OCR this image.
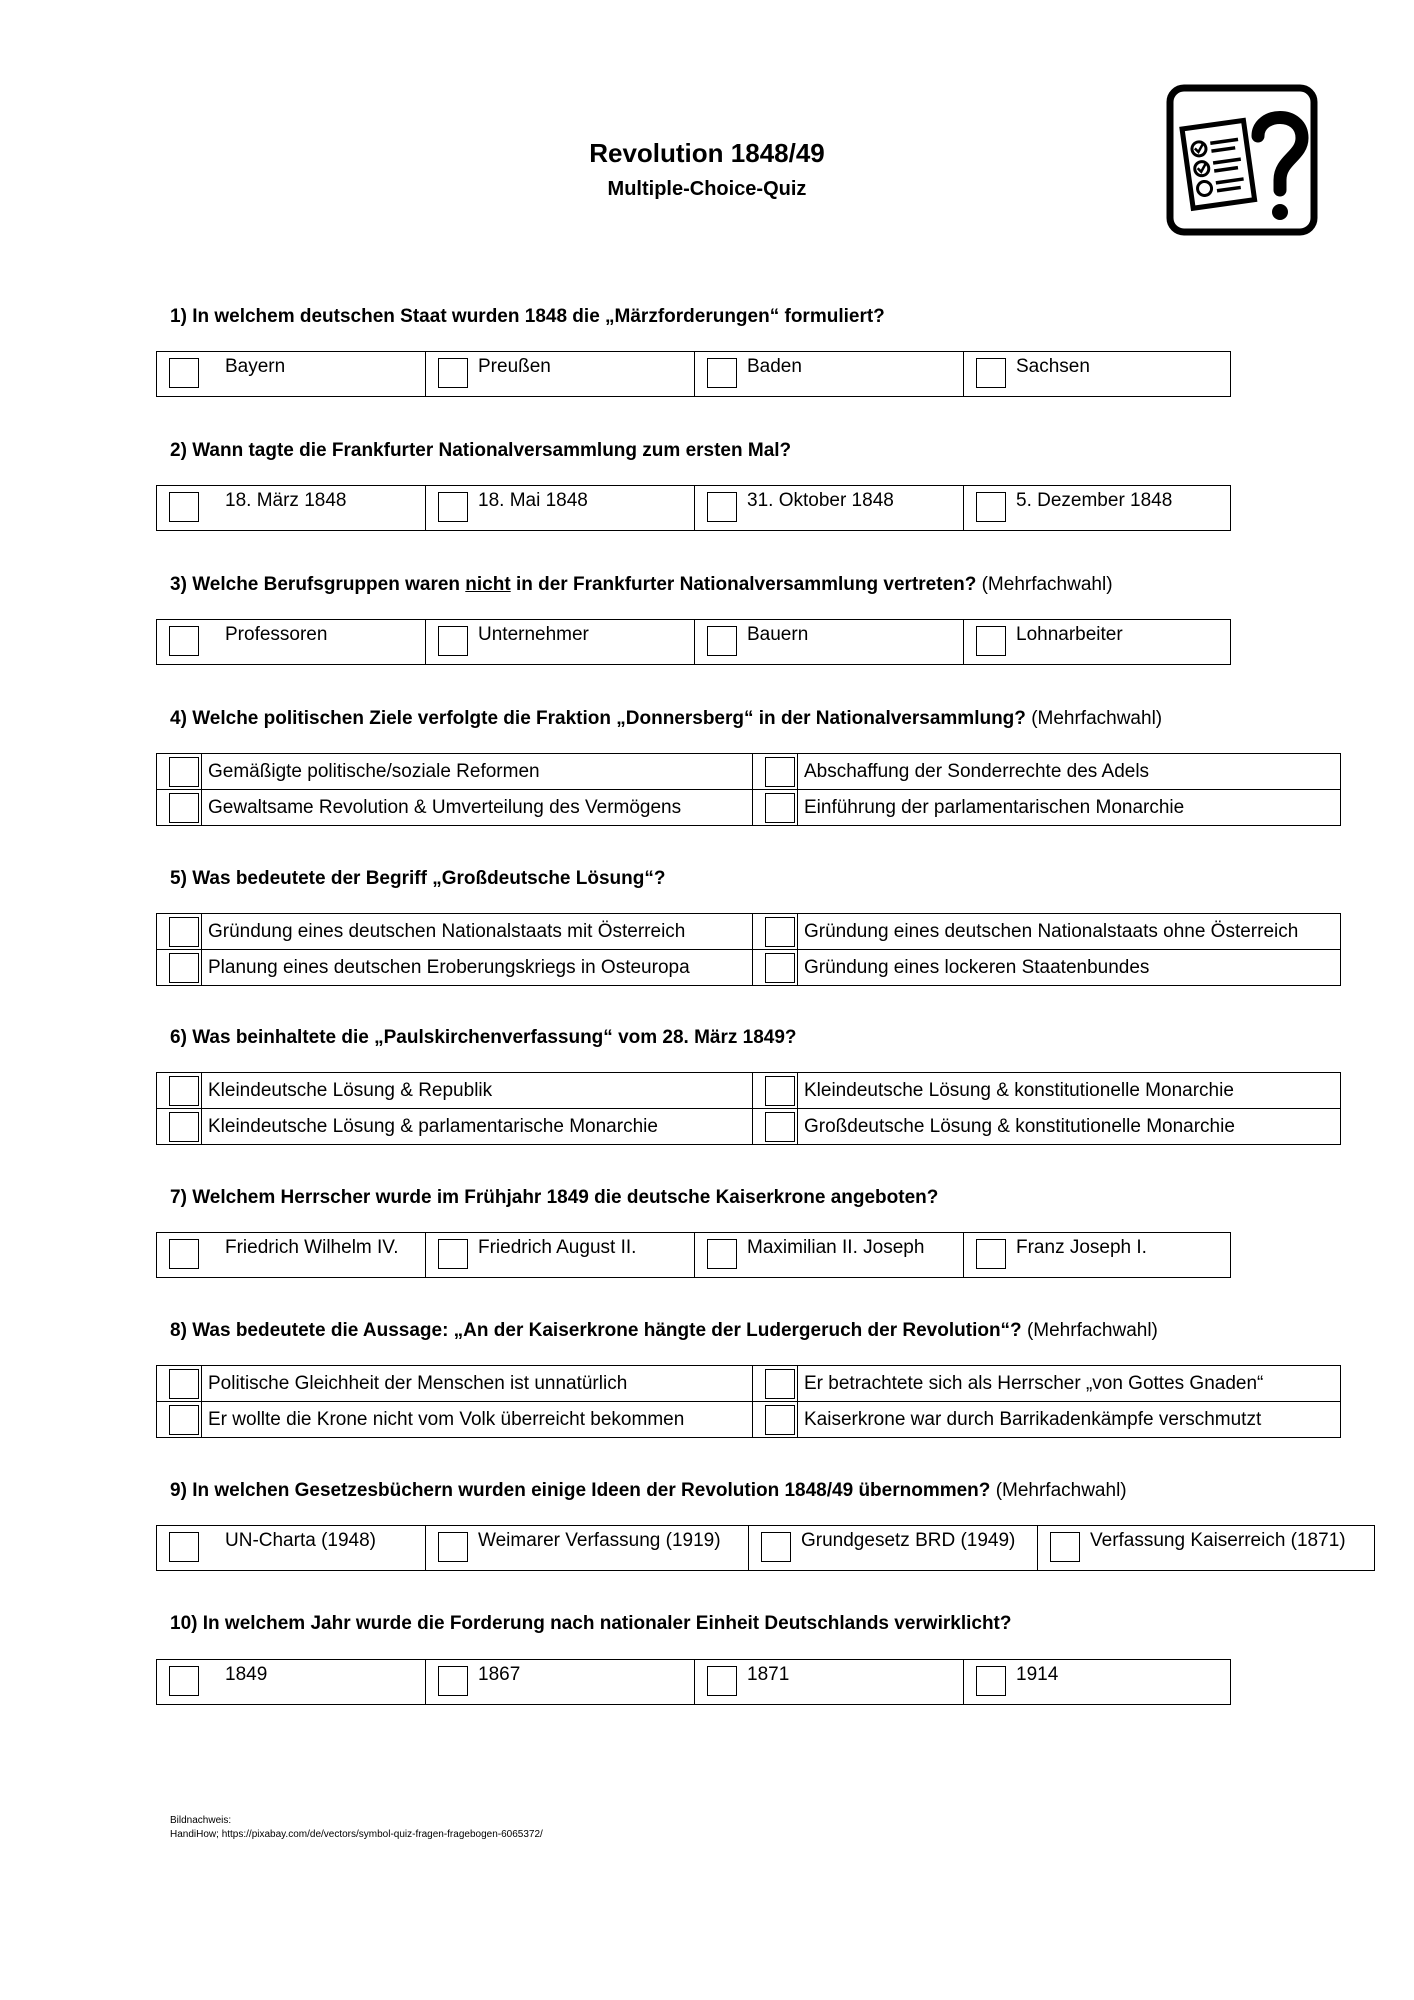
Revolution 1848/49
Multiple-Choice-Quiz
1) In welchem deutschen Staat wurden 1848 die „Märzforderungen“ formuliert?
Bayern	Preußen	Baden	Sachsen
2) Wann tagte die Frankfurter Nationalversammlung zum ersten Mal?
18. März 1848	18. Mai 1848	31. Oktober 1848	5. Dezember 1848
3) Welche Berufsgruppen waren nicht in der Frankfurter Nationalversammlung vertreten? (Mehrfachwahl)
Professoren	Unternehmer	Bauern	Lohnarbeiter
4) Welche politischen Ziele verfolgte die Fraktion „Donnersberg“ in der Nationalversammlung? (Mehrfachwahl)
	Gemäßigte politische/soziale Reformen		Abschaffung der Sonderrechte des Adels
	Gewaltsame Revolution & Umverteilung des Vermögens		Einführung der parlamentarischen Monarchie
5) Was bedeutete der Begriff „Großdeutsche Lösung“?
	Gründung eines deutschen Nationalstaats mit Österreich		Gründung eines deutschen Nationalstaats ohne Österreich
	Planung eines deutschen Eroberungskriegs in Osteuropa		Gründung eines lockeren Staatenbundes
6) Was beinhaltete die „Paulskirchenverfassung“ vom 28. März 1849?
	Kleindeutsche Lösung & Republik		Kleindeutsche Lösung & konstitutionelle Monarchie
	Kleindeutsche Lösung & parlamentarische Monarchie		Großdeutsche Lösung & konstitutionelle Monarchie
7) Welchem Herrscher wurde im Frühjahr 1849 die deutsche Kaiserkrone angeboten?
Friedrich Wilhelm IV.	Friedrich August II.	Maximilian II. Joseph	Franz Joseph I.
8) Was bedeutete die Aussage: „An der Kaiserkrone hängte der Ludergeruch der Revolution“? (Mehrfachwahl)
	Politische Gleichheit der Menschen ist unnatürlich		Er betrachtete sich als Herrscher „von Gottes Gnaden“
	Er wollte die Krone nicht vom Volk überreicht bekommen		Kaiserkrone war durch Barrikadenkämpfe verschmutzt
9) In welchen Gesetzesbüchern wurden einige Ideen der Revolution 1848/49 übernommen? (Mehrfachwahl)
UN-Charta (1948)	Weimarer Verfassung (1919)	Grundgesetz BRD (1949)	Verfassung Kaiserreich (1871)
10) In welchem Jahr wurde die Forderung nach nationaler Einheit Deutschlands verwirklicht?
1849	1867	1871	1914
Bildnachweis:
HandiHow; https://pixabay.com/de/vectors/symbol-quiz-fragen-fragebogen-6065372/
